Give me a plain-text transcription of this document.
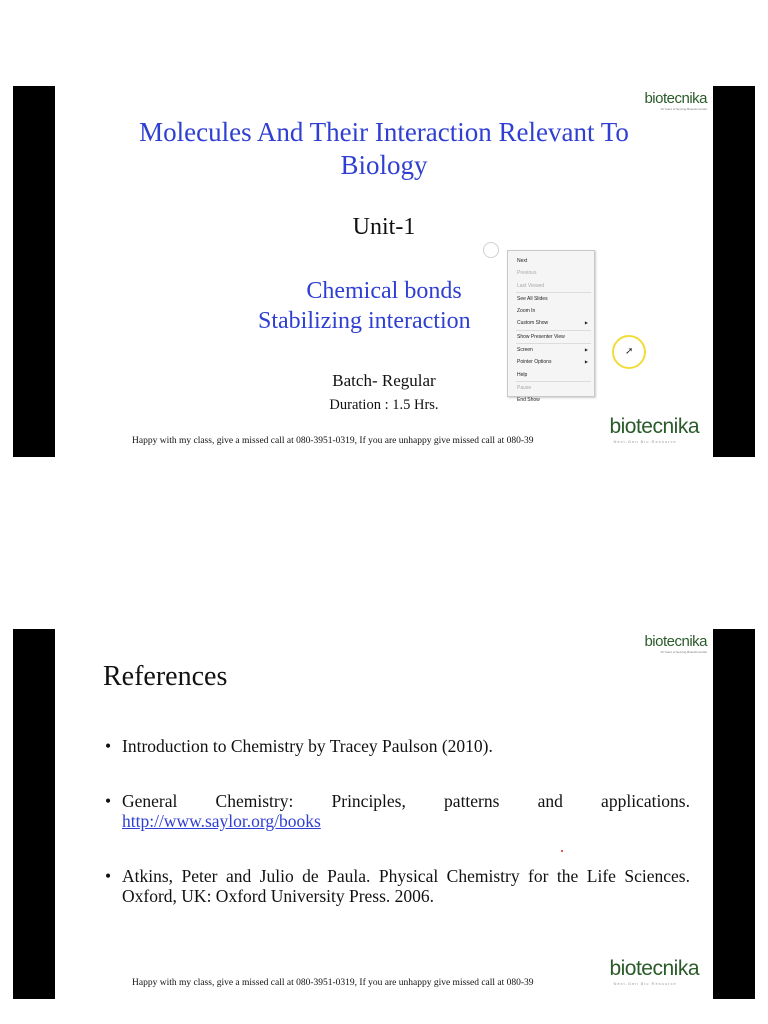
biotecnika
10 Years of Serving Biotechnocrats
Molecules And Their Interaction Relevant To Biology
Unit-1
Chemical bonds
Stabilizing interaction
Batch- Regular
Duration : 1.5 Hrs.
Next
Previous
Last Viewed
See All Slides
Zoom In
Custom Show	▶
Show Presenter View
Screen	▶
Pointer Options	▶
Help
Pause
End Show
➚
Happy with my class, give a missed call at 080-3951-0319, If you are unhappy give missed call at 080-39
biotecnika
Next-Gen Bio Resource
biotecnika
10 Years of Serving Biotechnocrats
References
• Introduction to Chemistry by Tracey Paulson (2010).
• General Chemistry: Principles, patterns and applications.
http://www.saylor.org/books
• Atkins, Peter and Julio de Paula. Physical Chemistry for the Life Sciences. Oxford, UK: Oxford University Press. 2006.
Happy with my class, give a missed call at 080-3951-0319, If you are unhappy give missed call at 080-39
biotecnika
Next-Gen Bio Resource
